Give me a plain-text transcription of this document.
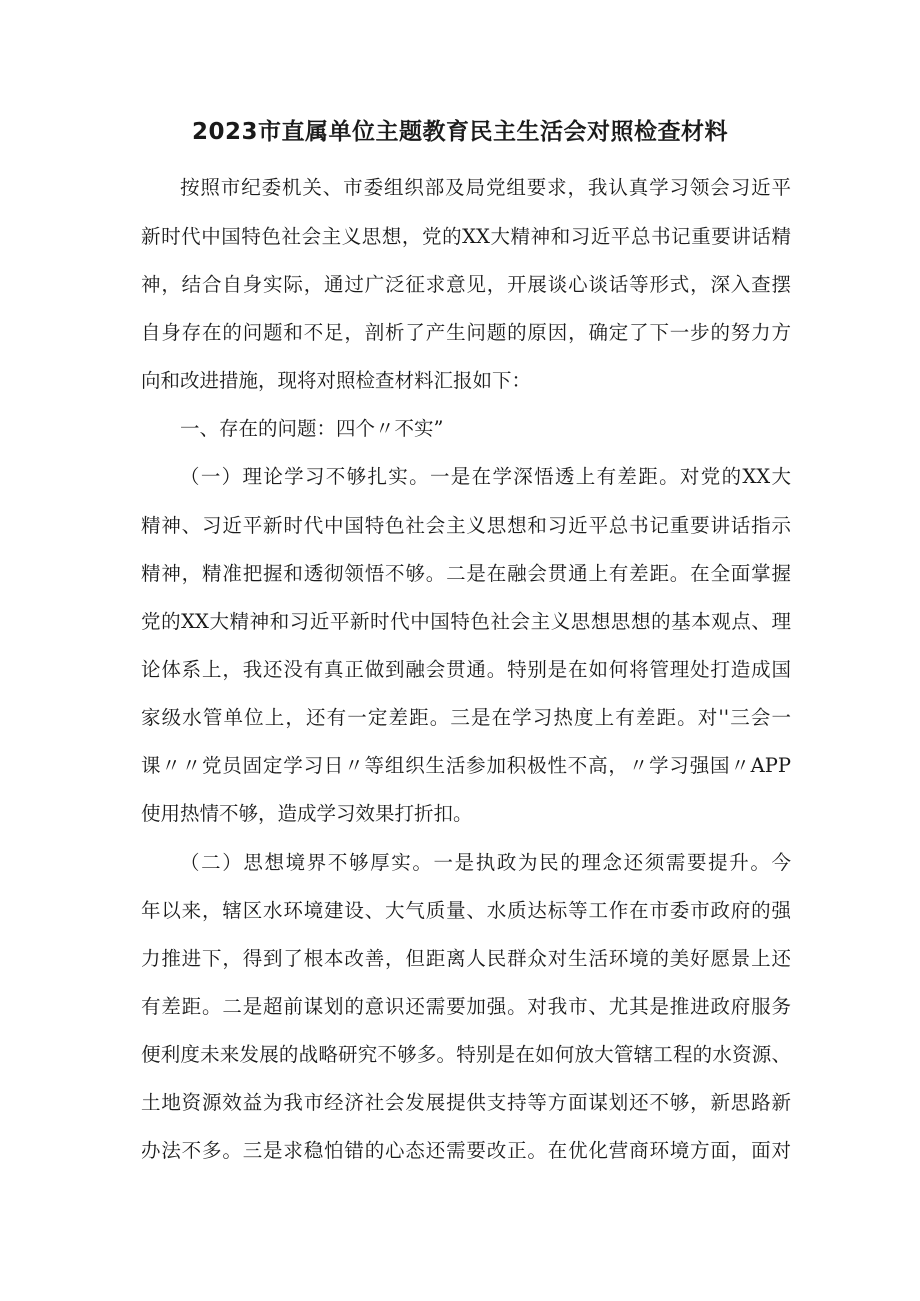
2023市直属单位主题教育民主生活会对照检查材料
按照市纪委机关、市委组织部及局党组要求，我认真学习领会习近平
新时代中国特色社会主义思想，党的XX大精神和习近平总书记重要讲话精
神，结合自身实际，通过广泛征求意见，开展谈心谈话等形式，深入查摆
自身存在的问题和不足，剖析了产生问题的原因，确定了下一步的努力方
向和改进措施，现将对照检查材料汇报如下：
一、存在的问题：四个〃不实”
（一）理论学习不够扎实。一是在学深悟透上有差距。对党的XX大
精神、习近平新时代中国特色社会主义思想和习近平总书记重要讲话指示
精神，精准把握和透彻领悟不够。二是在融会贯通上有差距。在全面掌握
党的XX大精神和习近平新时代中国特色社会主义思想思想的基本观点、理
论体系上，我还没有真正做到融会贯通。特别是在如何将管理处打造成国
家级水管单位上，还有一定差距。三是在学习热度上有差距。对''三会一
课〃〃党员固定学习日〃等组织生活参加积极性不高，〃学习强国〃APP
使用热情不够，造成学习效果打折扣。
（二）思想境界不够厚实。一是执政为民的理念还须需要提升。今
年以来，辖区水环境建设、大气质量、水质达标等工作在市委市政府的强
力推进下，得到了根本改善，但距离人民群众对生活环境的美好愿景上还
有差距。二是超前谋划的意识还需要加强。对我市、尤其是推进政府服务
便利度未来发展的战略研究不够多。特别是在如何放大管辖工程的水资源、
土地资源效益为我市经济社会发展提供支持等方面谋划还不够，新思路新
办法不多。三是求稳怕错的心态还需要改正。在优化营商环境方面，面对
